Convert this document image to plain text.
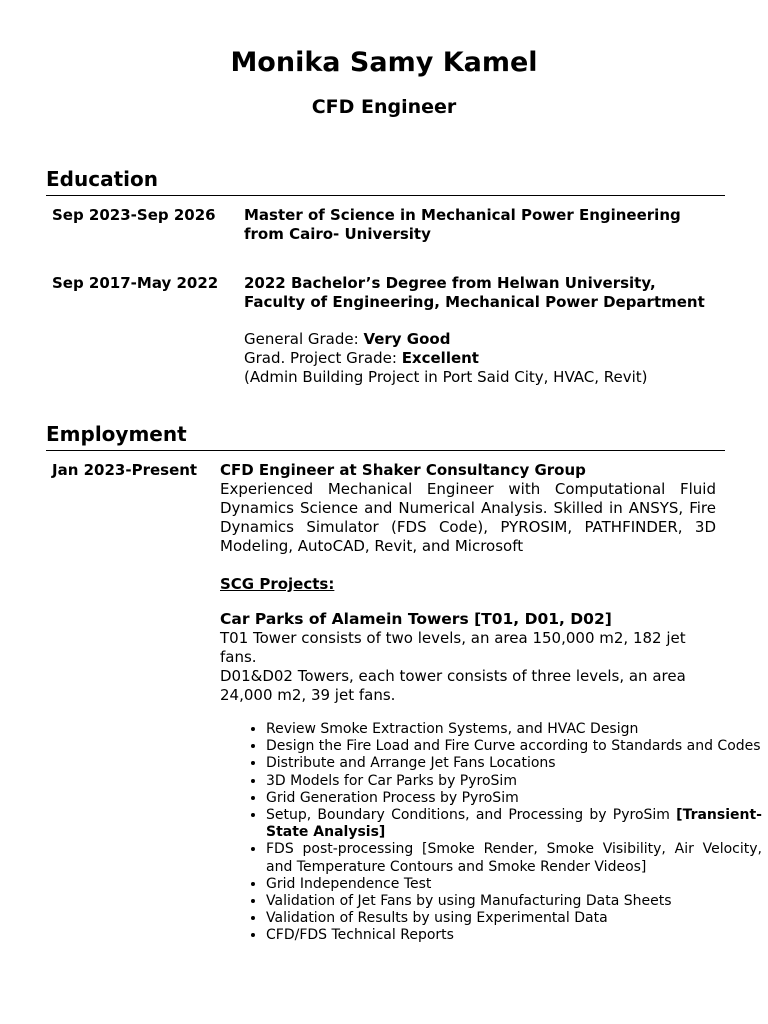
Monika Samy Kamel
CFD Engineer
Education

Sep 2023-Sep 2026 Master of Science in Mechanical Power Engineering
from Cairo- University

Sep 2017-May 2022 2022 Bachelor’s Degree from Helwan University,
Faculty of Engineering, Mechanical Power Department
General Grade: Very Good
Grad. Project Grade: Excellent
(Admin Building Project in Port Said City, HVAC, Revit)
Employment

Jan 2023-Present CFD Engineer at Shaker Consultancy Group
Experienced Mechanical Engineer with Computational Fluid Dynamics Science and Numerical Analysis. Skilled in ANSYS, Fire Dynamics Simulator (FDS Code), PYROSIM, PATHFINDER, 3D Modeling, AutoCAD, Revit, and Microsoft
SCG Projects:
Car Parks of Alamein Towers [T01, D01, D02]
T01 Tower consists of two levels, an area 150,000 m2, 182 jet fans.
D01&D02 Towers, each tower consists of three levels, an area 24,000 m2, 39 jet fans.
• Review Smoke Extraction Systems, and HVAC Design
• Design the Fire Load and Fire Curve according to Standards and Codes
• Distribute and Arrange Jet Fans Locations
• 3D Models for Car Parks by PyroSim
• Grid Generation Process by PyroSim
• Setup, Boundary Conditions, and Processing by PyroSim [Transient-State Analysis]
• FDS post-processing [Smoke Render, Smoke Visibility, Air Velocity, and Temperature Contours and Smoke Render Videos]
• Grid Independence Test
• Validation of Jet Fans by using Manufacturing Data Sheets
• Validation of Results by using Experimental Data
• CFD/FDS Technical Reports
